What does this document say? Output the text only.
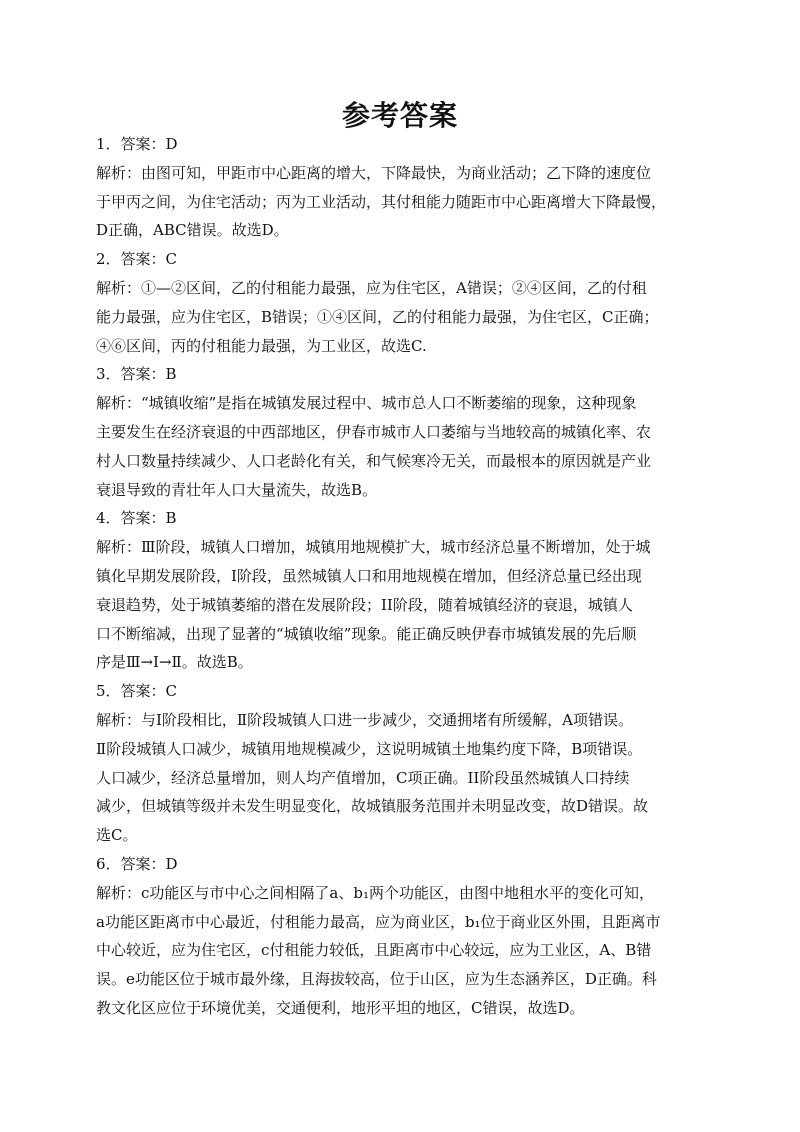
参考答案
1．答案：D
解析：由图可知，甲距市中心距离的增大，下降最快，为商业活动；乙下降的速度位
于甲丙之间，为住宅活动；丙为工业活动，其付租能力随距市中心距离增大下降最慢，
D正确，ABC错误。故选D。
2．答案：C
解析：①—②区间，乙的付租能力最强，应为住宅区，A错误；②④区间，乙的付租
能力最强，应为住宅区，B错误；①④区间，乙的付租能力最强，为住宅区，C正确；
④⑥区间，丙的付租能力最强，为工业区，故选C.
3．答案：B
解析：“城镇收缩”是指在城镇发展过程中、城市总人口不断萎缩的现象，这种现象
主要发生在经济衰退的中西部地区，伊春市城市人口萎缩与当地较高的城镇化率、农
村人口数量持续减少、人口老龄化有关，和气候寒冷无关，而最根本的原因就是产业
衰退导致的青壮年人口大量流失，故选B。
4．答案：B
解析：Ⅲ阶段，城镇人口增加，城镇用地规模扩大，城市经济总量不断增加，处于城
镇化早期发展阶段，Ⅰ阶段，虽然城镇人口和用地规模在增加，但经济总量已经出现
衰退趋势，处于城镇萎缩的潜在发展阶段；ⅠⅠ阶段，随着城镇经济的衰退，城镇人
口不断缩减，出现了显著的“城镇收缩”现象。能正确反映伊春市城镇发展的先后顺
序是Ⅲ→Ⅰ→Ⅱ。故选B。
5．答案：C
解析：与Ⅰ阶段相比，Ⅱ阶段城镇人口进一步减少，交通拥堵有所缓解，A项错误。
Ⅱ阶段城镇人口减少，城镇用地规模减少，这说明城镇土地集约度下降，B项错误。
人口减少，经济总量增加，则人均产值增加，C项正确。ⅠⅠ阶段虽然城镇人口持续
减少，但城镇等级并未发生明显变化，故城镇服务范围并未明显改变，故D错误。故
选C。
6．答案：D
解析：c功能区与市中心之间相隔了a、b₁两个功能区，由图中地租水平的变化可知，
a功能区距离市中心最近，付租能力最高，应为商业区，b₁位于商业区外围，且距离市
中心较近，应为住宅区，c付租能力较低，且距离市中心较远，应为工业区，A、B错
误。e功能区位于城市最外缘，且海拔较高，位于山区，应为生态涵养区，D正确。科
教文化区应位于环境优美，交通便利，地形平坦的地区，C错误，故选D。
